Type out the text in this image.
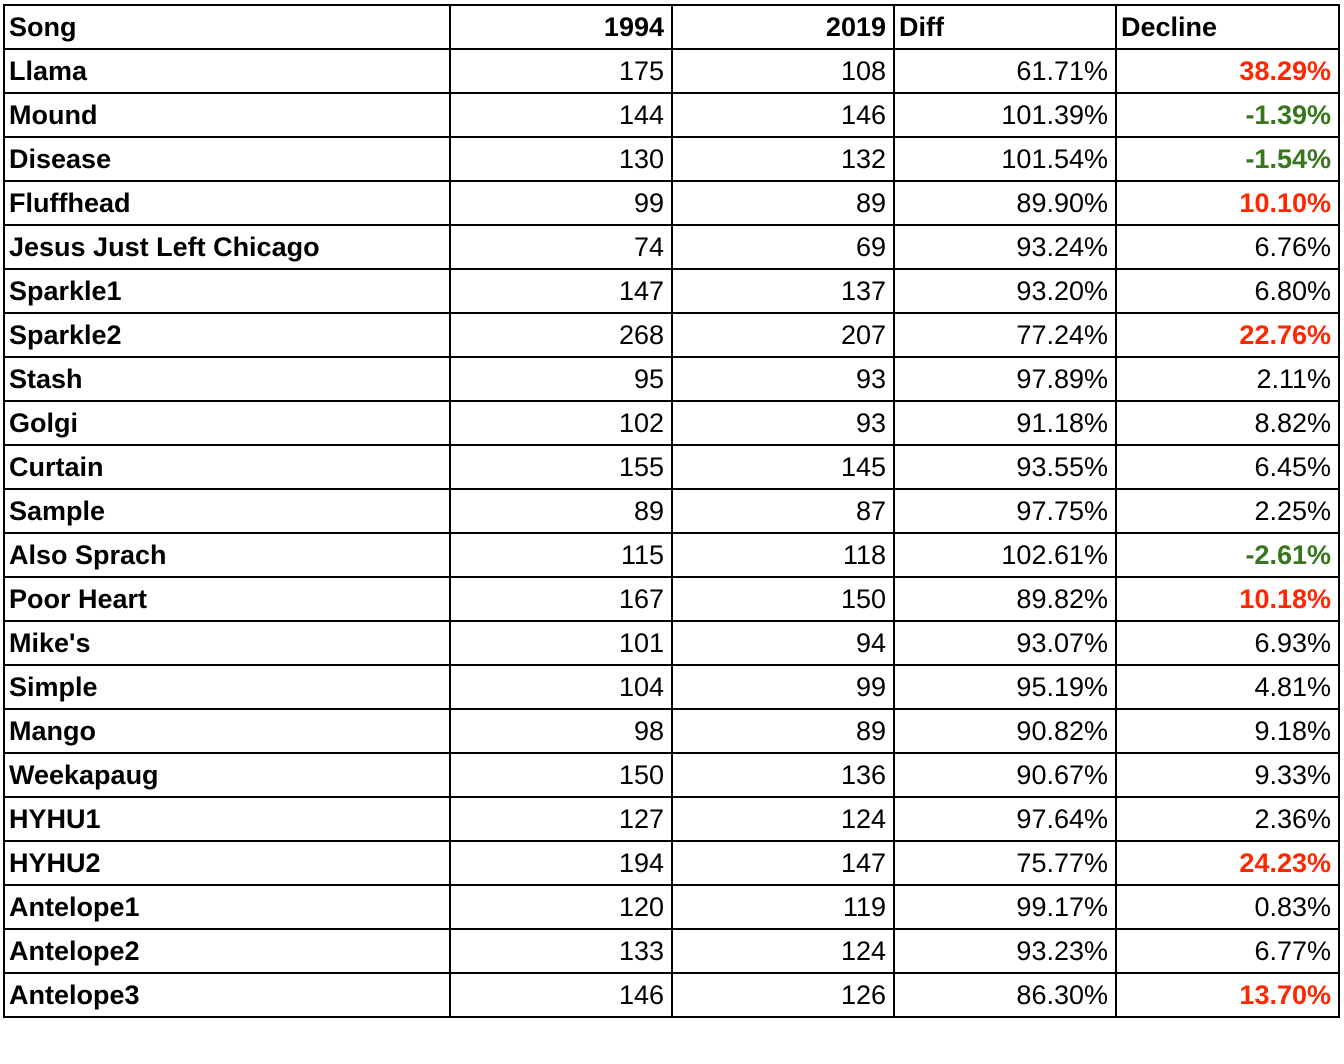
Song	1994	2019	Diff	Decline
Llama	175	108	61.71%	38.29%
Mound	144	146	101.39%	-1.39%
Disease	130	132	101.54%	-1.54%
Fluffhead	99	89	89.90%	10.10%
Jesus Just Left Chicago	74	69	93.24%	6.76%
Sparkle1	147	137	93.20%	6.80%
Sparkle2	268	207	77.24%	22.76%
Stash	95	93	97.89%	2.11%
Golgi	102	93	91.18%	8.82%
Curtain	155	145	93.55%	6.45%
Sample	89	87	97.75%	2.25%
Also Sprach	115	118	102.61%	-2.61%
Poor Heart	167	150	89.82%	10.18%
Mike's	101	94	93.07%	6.93%
Simple	104	99	95.19%	4.81%
Mango	98	89	90.82%	9.18%
Weekapaug	150	136	90.67%	9.33%
HYHU1	127	124	97.64%	2.36%
HYHU2	194	147	75.77%	24.23%
Antelope1	120	119	99.17%	0.83%
Antelope2	133	124	93.23%	6.77%
Antelope3	146	126	86.30%	13.70%
